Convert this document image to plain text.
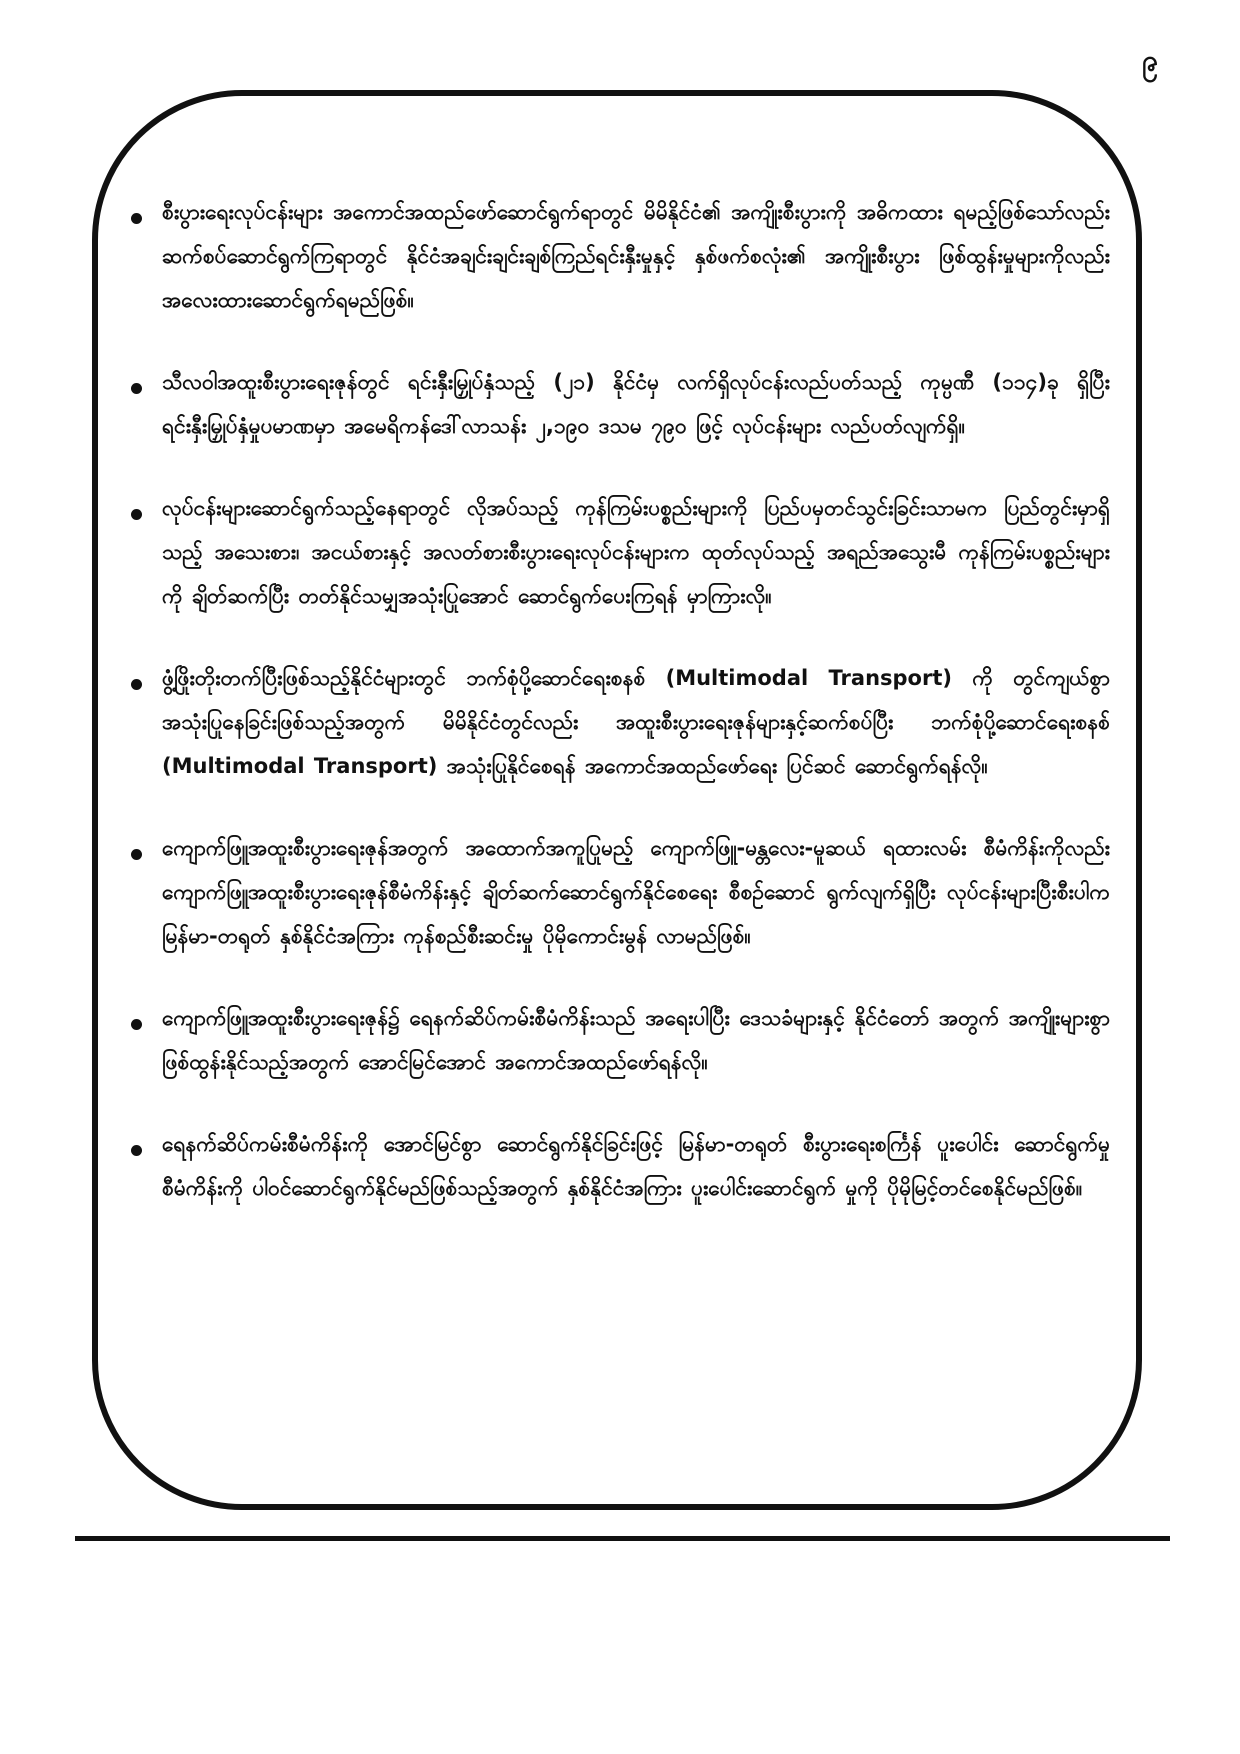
၉
စီးပွားရေးလုပ်ငန်းများ အကောင်အထည်ဖော်ဆောင်ရွက်ရာတွင် မိမိနိုင်ငံ၏ အကျိုးစီးပွားကို အဓိကထား ရမည့်ဖြစ်သော်လည်း ဆက်စပ်ဆောင်ရွက်ကြရာတွင် နိုင်ငံအချင်းချင်းချစ်ကြည်ရင်းနှီးမှုနှင့် နှစ်ဖက်စလုံး၏ အကျိုးစီးပွား ဖြစ်ထွန်းမှုများကိုလည်း အလေးထားဆောင်ရွက်ရမည်ဖြစ်။
သီလဝါအထူးစီးပွားရေးဇုန်တွင် ရင်းနှီးမြှုပ်နှံသည့် (၂၁) နိုင်ငံမှ လက်ရှိလုပ်ငန်းလည်ပတ်သည့် ကုမ္ပဏီ (၁၁၄)ခု ရှိပြီး ရင်းနှီးမြှုပ်နှံမှုပမာဏမှာ အမေရိကန်ဒေါ်လာသန်း ၂,၁၉၀ ဒသမ ၇၉၀ ဖြင့် လုပ်ငန်းများ လည်ပတ်လျက်ရှိ။
လုပ်ငန်းများဆောင်ရွက်သည့်နေရာတွင် လိုအပ်သည့် ကုန်ကြမ်းပစ္စည်းများကို ပြည်ပမှတင်သွင်းခြင်းသာမက ပြည်တွင်းမှာရှိသည့် အသေးစား၊ အငယ်စားနှင့် အလတ်စားစီးပွားရေးလုပ်ငန်းများက ထုတ်လုပ်သည့် အရည်အသွေးမီ ကုန်ကြမ်းပစ္စည်းများကို ချိတ်ဆက်ပြီး တတ်နိုင်သမျှအသုံးပြုအောင် ဆောင်ရွက်ပေးကြရန် မှာကြားလို။
ဖွံ့ဖြိုးတိုးတက်ပြီးဖြစ်သည့်နိုင်ငံများတွင် ဘက်စုံပို့ဆောင်ရေးစနစ် (Multimodal Transport) ကို တွင်ကျယ်စွာ အသုံးပြုနေခြင်းဖြစ်သည့်အတွက် မိမိနိုင်ငံတွင်လည်း အထူးစီးပွားရေးဇုန်များနှင့်ဆက်စပ်ပြီး ဘက်စုံပို့ဆောင်ရေးစနစ် (Multimodal Transport) အသုံးပြုနိုင်စေရန် အကောင်အထည်ဖော်ရေး ပြင်ဆင် ဆောင်ရွက်ရန်လို။
ကျောက်ဖြူအထူးစီးပွားရေးဇုန်အတွက် အထောက်အကူပြုမည့် ကျောက်ဖြူ-မန္တလေး-မူဆယ် ရထားလမ်း စီမံကိန်းကိုလည်း ကျောက်ဖြူအထူးစီးပွားရေးဇုန်စီမံကိန်းနှင့် ချိတ်ဆက်ဆောင်ရွက်နိုင်စေရေး စီစဉ်ဆောင် ရွက်လျက်ရှိပြီး လုပ်ငန်းများပြီးစီးပါက မြန်မာ-တရုတ် နှစ်နိုင်ငံအကြား ကုန်စည်စီးဆင်းမှု ပိုမိုကောင်းမွန် လာမည်ဖြစ်။
ကျောက်ဖြူအထူးစီးပွားရေးဇုန်၌ ရေနက်ဆိပ်ကမ်းစီမံကိန်းသည် အရေးပါပြီး ဒေသခံများနှင့် နိုင်ငံတော် အတွက် အကျိုးများစွာဖြစ်ထွန်းနိုင်သည့်အတွက် အောင်မြင်အောင် အကောင်အထည်ဖော်ရန်လို။
ရေနက်ဆိပ်ကမ်းစီမံကိန်းကို အောင်မြင်စွာ ဆောင်ရွက်နိုင်ခြင်းဖြင့် မြန်မာ-တရုတ် စီးပွားရေးစင်္ကြန် ပူးပေါင်း ဆောင်ရွက်မှုစီမံကိန်းကို ပါဝင်ဆောင်ရွက်နိုင်မည်ဖြစ်သည့်အတွက် နှစ်နိုင်ငံအကြား ပူးပေါင်းဆောင်ရွက် မှုကို ပိုမိုမြင့်တင်စေနိုင်မည်ဖြစ်။
